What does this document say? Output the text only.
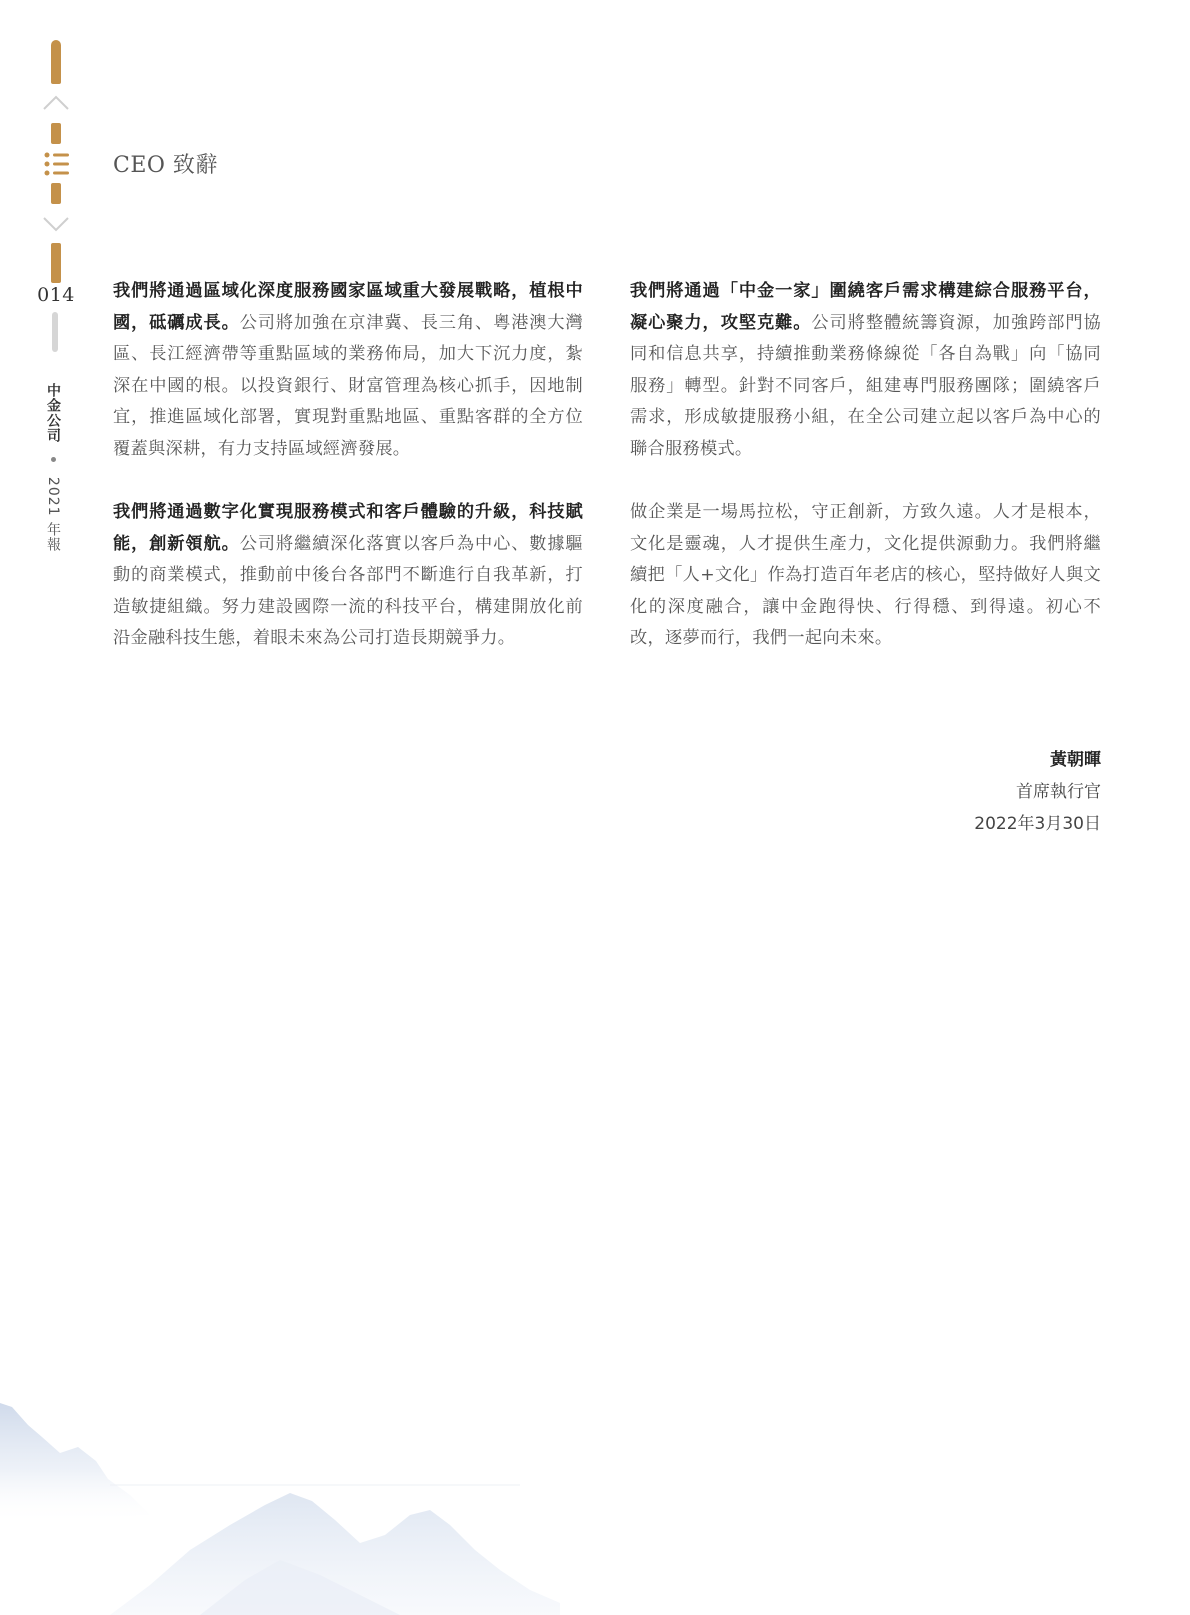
014
中金公司  2021 年報
CEO 致辭

我們將通過區域化深度服務國家區域重大發展戰略，植根中國，砥礪成長。公司將加強在京津冀、長三角、粵港澳大灣區、長江經濟帶等重點區域的業務佈局，加大下沉力度，紮深在中國的根。以投資銀行、財富管理為核心抓手，因地制宜，推進區域化部署，實現對重點地區、重點客群的全方位覆蓋與深耕，有力支持區域經濟發展。

我們將通過數字化實現服務模式和客戶體驗的升級，科技賦能，創新領航。公司將繼續深化落實以客戶為中心、數據驅動的商業模式，推動前中後台各部門不斷進行自我革新，打造敏捷組織。努力建設國際一流的科技平台，構建開放化前沿金融科技生態，着眼未來為公司打造長期競爭力。

我們將通過「中金一家」圍繞客戶需求構建綜合服務平台，凝心聚力，攻堅克難。公司將整體統籌資源，加強跨部門協同和信息共享，持續推動業務條線從「各自為戰」向「協同服務」轉型。針對不同客戶，組建專門服務團隊；圍繞客戶需求，形成敏捷服務小組，在全公司建立起以客戶為中心的聯合服務模式。

做企業是一場馬拉松，守正創新，方致久遠。人才是根本，文化是靈魂，人才提供生產力，文化提供源動力。我們將繼續把「人+文化」作為打造百年老店的核心，堅持做好人與文化的深度融合，讓中金跑得快、行得穩、到得遠。初心不改，逐夢而行，我們一起向未來。

黃朝暉
首席執行官
2022年3月30日
